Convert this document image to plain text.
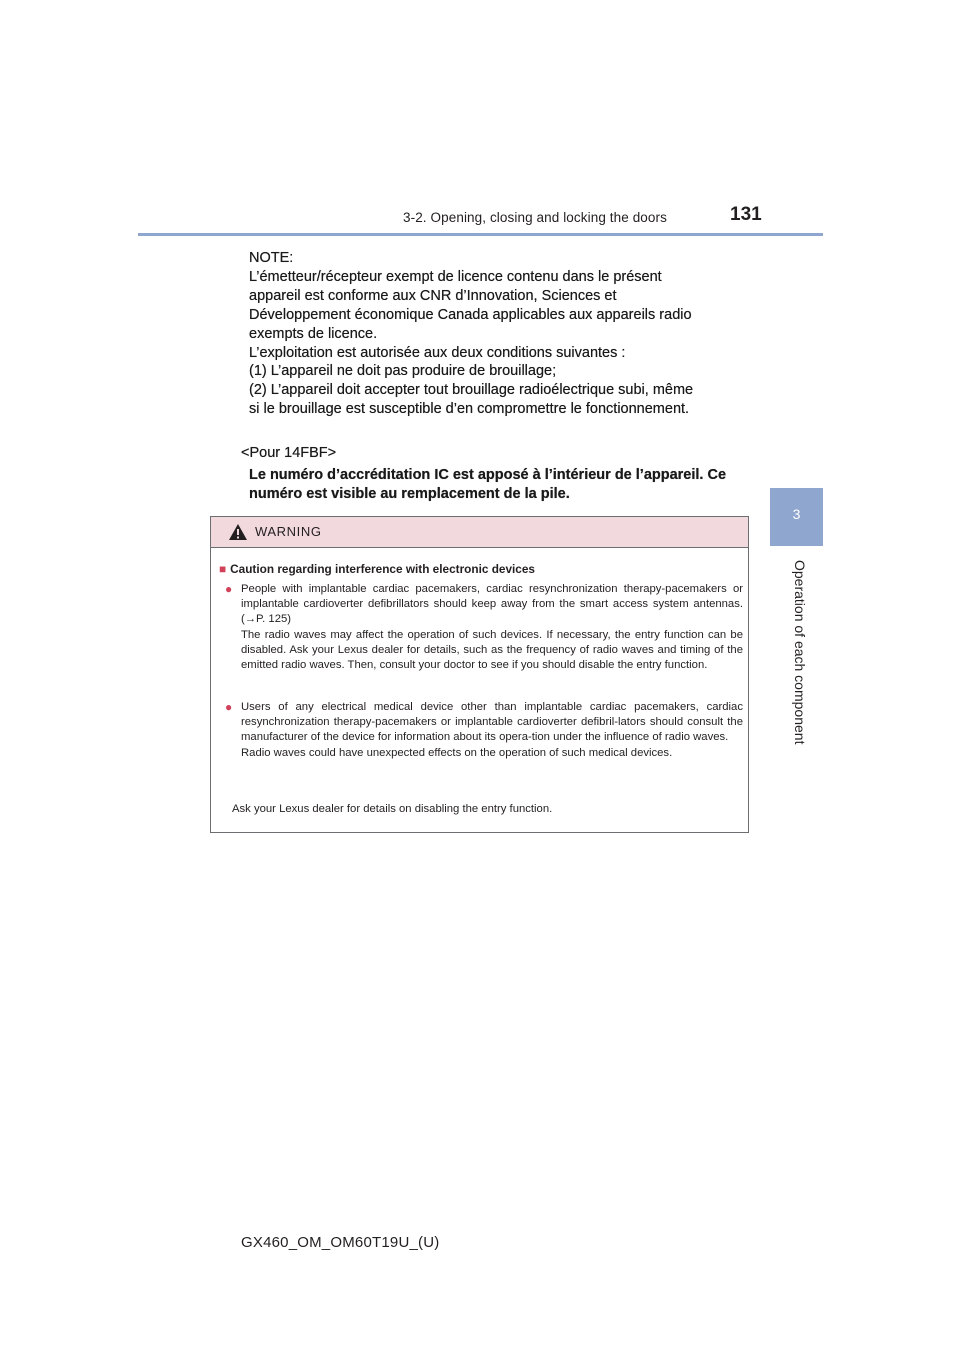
3-2. Opening, closing and locking the doors	131
3
Operation of each component

NOTE:

L’émetteur/récepteur exempt de licence contenu dans le présent

appareil est conforme aux CNR d’Innovation, Sciences et

Développement économique Canada applicables aux appareils radio

exempts de licence.

L’exploitation est autorisée aux deux conditions suivantes :

(1) L’appareil ne doit pas produire de brouillage;

(2) L’appareil doit accepter tout brouillage radioélectrique subi, même

si le brouillage est susceptible d’en compromettre le fonctionnement.

<Pour 14FBF>

Le numéro d’accréditation IC est apposé à l’intérieur de l’appareil. Ce

numéro est visible au remplacement de la pile.

WARNING
■ Caution regarding interference with electronic devices
● People with implantable cardiac pacemakers, cardiac resynchronization therapy-pacemakers or implantable cardioverter defibrillators should keep away from the smart access system antennas. (→P. 125)

The radio waves may affect the operation of such devices. If necessary, the entry function can be disabled. Ask your Lexus dealer for details, such as the frequency of radio waves and timing of the emitted radio waves. Then, consult your doctor to see if you should disable the entry function.

● Users of any electrical medical device other than implantable cardiac pacemakers, cardiac resynchronization therapy-pacemakers or implantable cardioverter defibril-lators should consult the manufacturer of the device for information about its opera-tion under the influence of radio waves.

Radio waves could have unexpected effects on the operation of such medical devices.

Ask your Lexus dealer for details on disabling the entry function.
GX460_OM_OM60T19U_(U)
